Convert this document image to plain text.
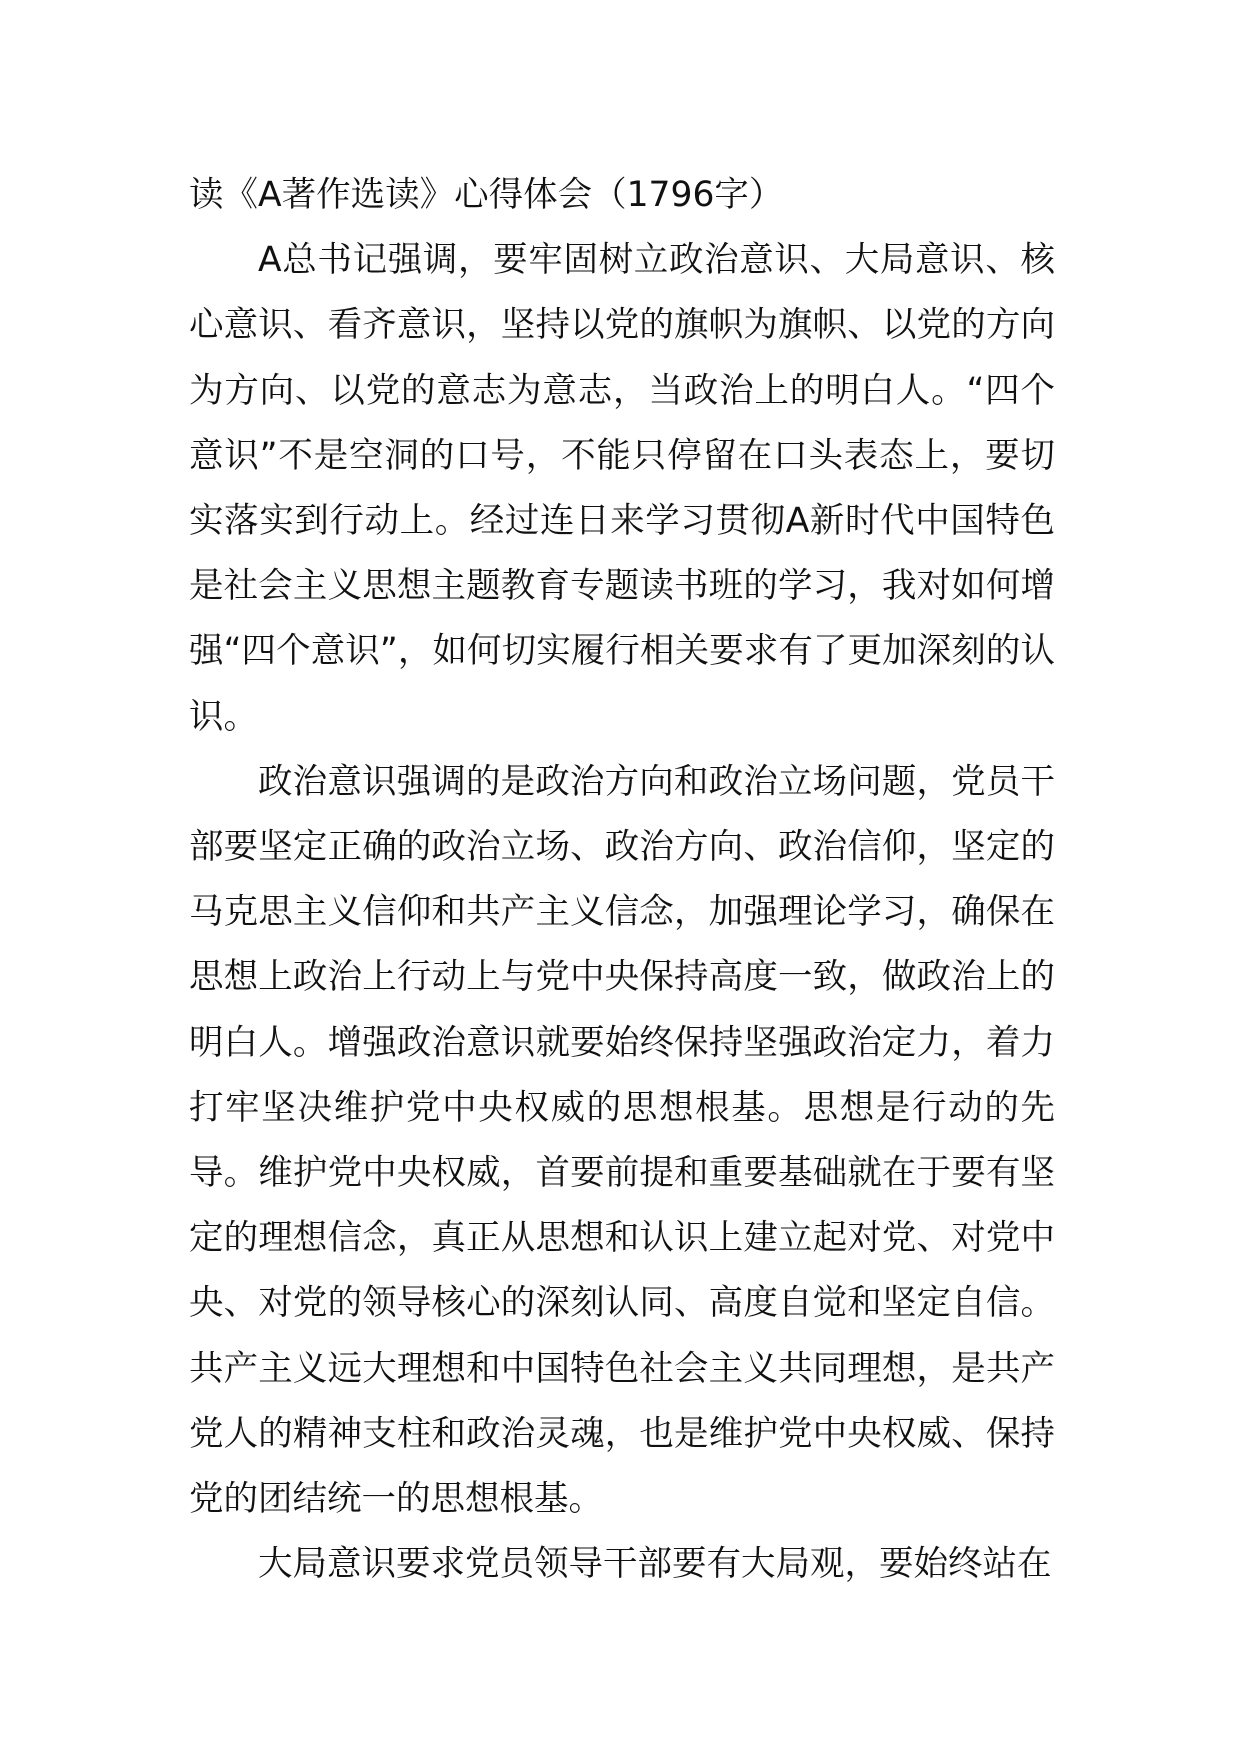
读《A著作选读》心得体会（1796字）

A总书记强调，要牢固树立政治意识、大局意识、核心意识、看齐意识，坚持以党的旗帜为旗帜、以党的方向为方向、以党的意志为意志，当政治上的明白人。“四个意识”不是空洞的口号，不能只停留在口头表态上，要切实落实到行动上。经过连日来学习贯彻A新时代中国特色是社会主义思想主题教育专题读书班的学习，我对如何增强“四个意识”，如何切实履行相关要求有了更加深刻的认识。

政治意识强调的是政治方向和政治立场问题，党员干部要坚定正确的政治立场、政治方向、政治信仰，坚定的马克思主义信仰和共产主义信念，加强理论学习，确保在思想上政治上行动上与党中央保持高度一致，做政治上的明白人。增强政治意识就要始终保持坚强政治定力，着力打牢坚决维护党中央权威的思想根基。思想是行动的先导。维护党中央权威，首要前提和重要基础就在于要有坚定的理想信念，真正从思想和认识上建立起对党、对党中央、对党的领导核心的深刻认同、高度自觉和坚定自信。共产主义远大理想和中国特色社会主义共同理想，是共产党人的精神支柱和政治灵魂，也是维护党中央权威、保持党的团结统一的思想根基。

大局意识要求党员领导干部要有大局观，要始终站在
